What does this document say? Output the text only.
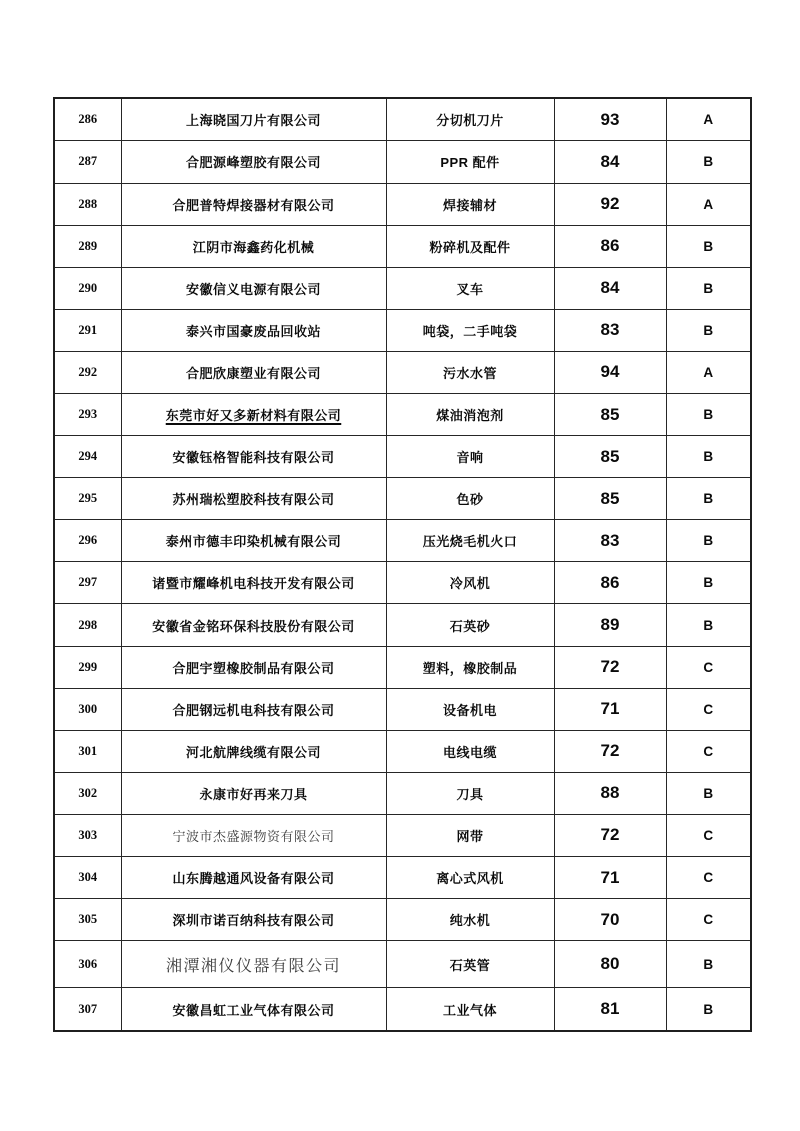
286	上海晓国刀片有限公司	分切机刀片	93	A
287	合肥源峰塑胶有限公司	PPR 配件	84	B
288	合肥普特焊接器材有限公司	焊接辅材	92	A
289	江阴市海鑫药化机械	粉碎机及配件	86	B
290	安徽信义电源有限公司	叉车	84	B
291	泰兴市国豪废品回收站	吨袋，二手吨袋	83	B
292	合肥欣康塑业有限公司	污水水管	94	A
293	东莞市好又多新材料有限公司	煤油消泡剂	85	B
294	安徽钰格智能科技有限公司	音响	85	B
295	苏州瑞松塑胶科技有限公司	色砂	85	B
296	泰州市德丰印染机械有限公司	压光烧毛机火口	83	B
297	诸暨市耀峰机电科技开发有限公司	冷风机	86	B
298	安徽省金铭环保科技股份有限公司	石英砂	89	B
299	合肥宇塑橡胶制品有限公司	塑料，橡胶制品	72	C
300	合肥钢远机电科技有限公司	设备机电	71	C
301	河北航牌线缆有限公司	电线电缆	72	C
302	永康市好再来刀具	刀具	88	B
303	宁波市杰盛源物资有限公司	网带	72	C
304	山东腾越通风设备有限公司	离心式风机	71	C
305	深圳市诺百纳科技有限公司	纯水机	70	C
306	湘潭湘仪仪器有限公司	石英管	80	B
307	安徽昌虹工业气体有限公司	工业气体	81	B
